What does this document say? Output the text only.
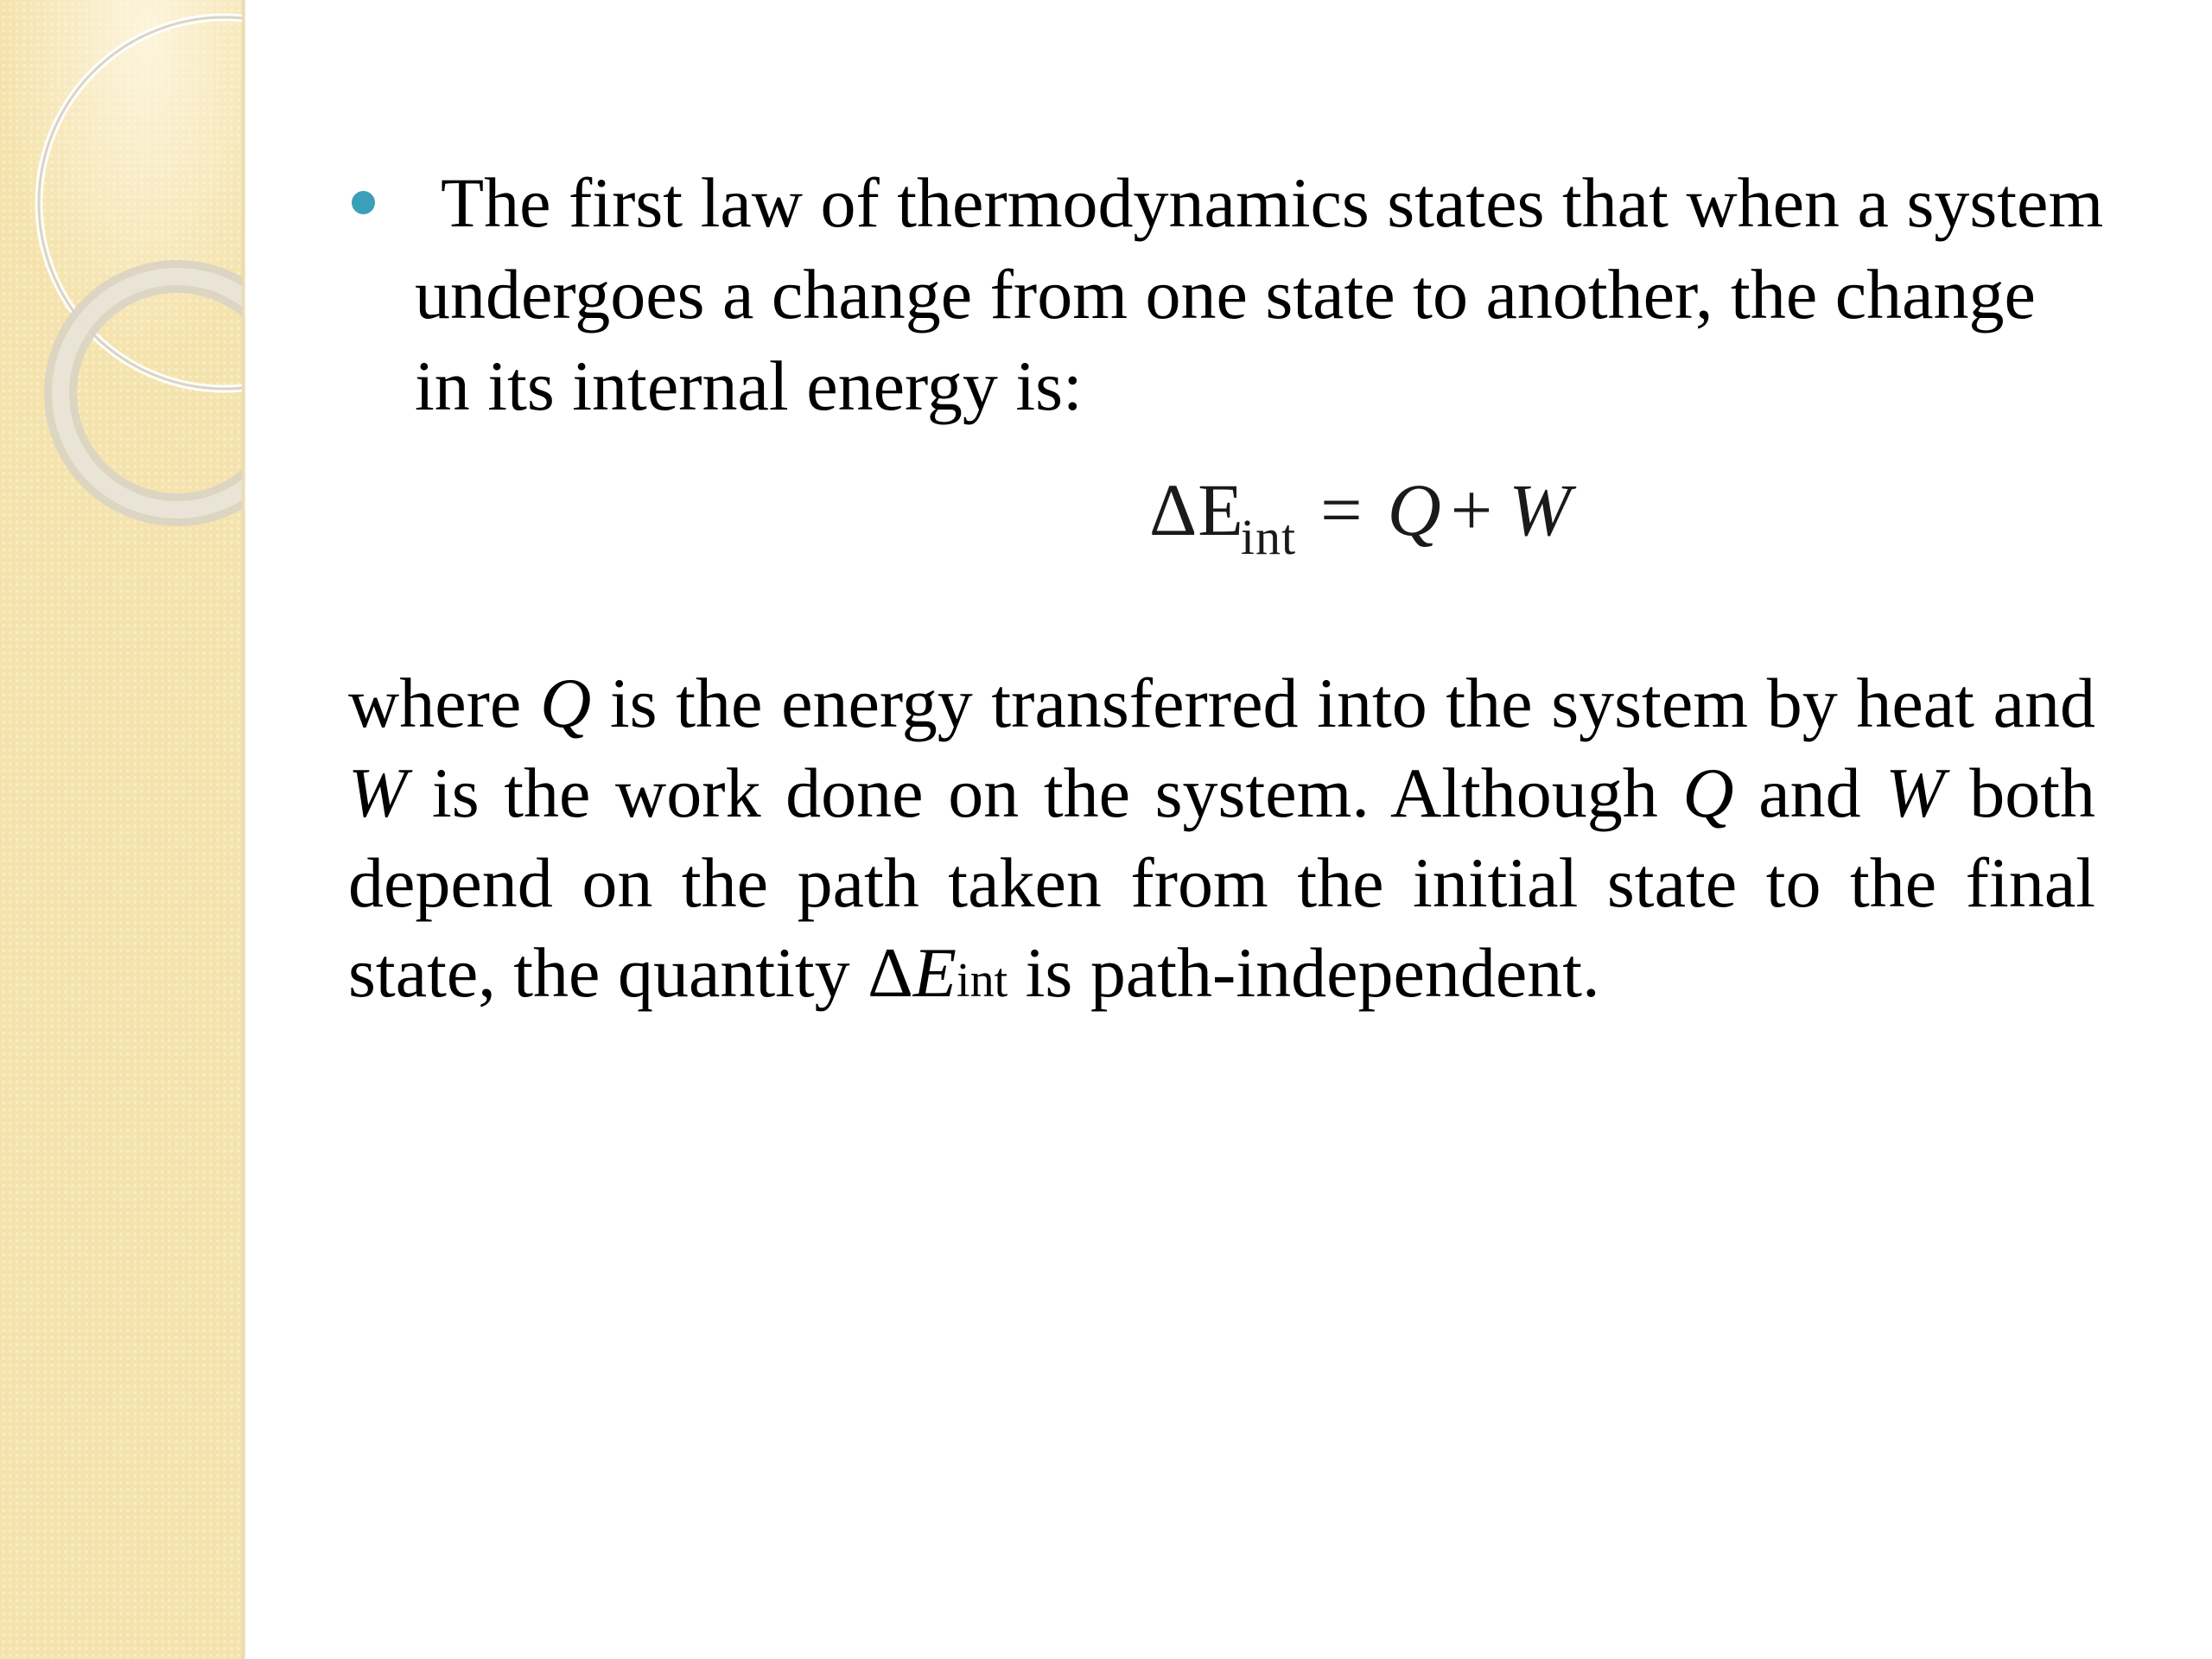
The first law of thermodynamics states that when a system undergoes a change from one state to another, the change in its internal energy is:

$\Delta E_{int} = Q + W$

where Q is the energy transferred into the system by heat and W is the work done on the system. Although Q and W both depend on the path taken from the initial state to the final state, the quantity ΔEint is path-independent.
